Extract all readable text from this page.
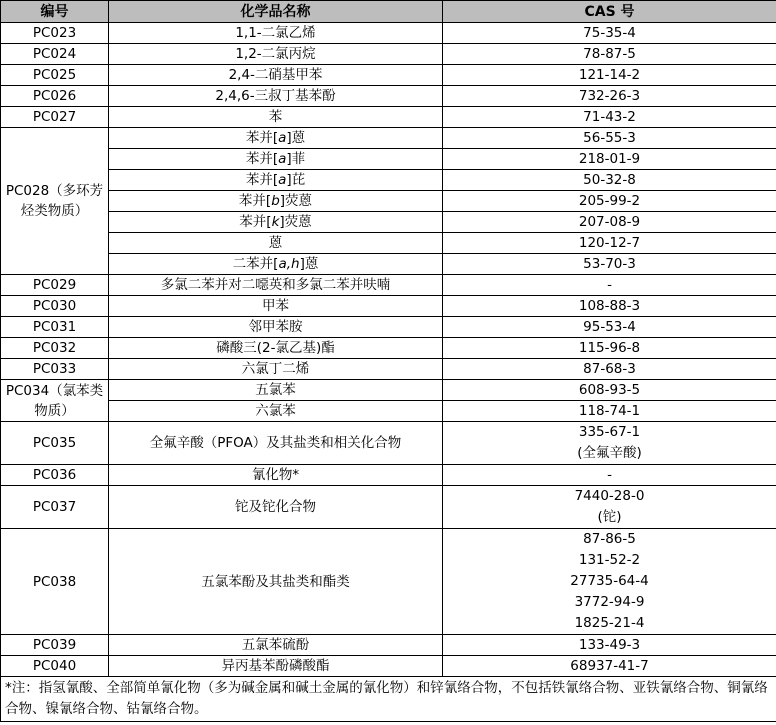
编号	化学品名称	CAS 号
PC023	1,1-二氯乙烯	75-35-4
PC024	1,2-二氯丙烷	78-87-5
PC025	2,4-二硝基甲苯	121-14-2
PC026	2,4,6-三叔丁基苯酚	732-26-3
PC027	苯	71-43-2
PC028（多环芳烃类物质）	苯并[a]蒽	56-55-3
	苯并[a]菲	218-01-9
	苯并[a]芘	50-32-8
	苯并[b]荧蒽	205-99-2
	苯并[k]荧蒽	207-08-9
	蒽	120-12-7
	二苯并[a,h]蒽	53-70-3
PC029	多氯二苯并对二噁英和多氯二苯并呋喃	-
PC030	甲苯	108-88-3
PC031	邻甲苯胺	95-53-4
PC032	磷酸三(2-氯乙基)酯	115-96-8
PC033	六氯丁二烯	87-68-3
PC034（氯苯类物质）	五氯苯	608-93-5
	六氯苯	118-74-1
PC035	全氟辛酸（PFOA）及其盐类和相关化合物	335-67-1
(全氟辛酸)

PC036	氰化物*	-
PC037	铊及铊化合物	7440-28-0
(铊)

PC038	五氯苯酚及其盐类和酯类	87-86-5
131-52-2
27735-64-4
3772-94-9
1825-21-4

PC039	五氯苯硫酚	133-49-3
PC040	异丙基苯酚磷酸酯	68937-41-7
*注：指氢氰酸、全部简单氰化物（多为碱金属和碱土金属的氰化物）和锌氰络合物，不包括铁氰络合物、亚铁氰络合物、铜氰络合物、镍氰络合物、钴氰络合物。		
